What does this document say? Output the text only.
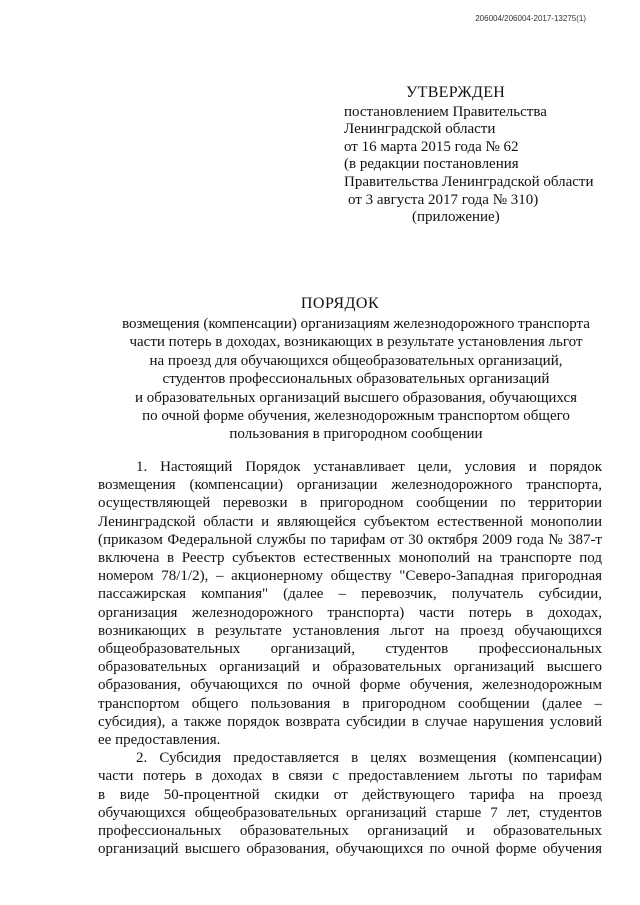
206004/206004-2017-13275(1)
УТВЕРЖДЕН
постановлением Правительства
Ленинградской области
от 16 марта 2015 года № 62
(в редакции постановления
Правительства Ленинградской области
от 3 августа 2017 года № 310)
(приложение)
ПОРЯДОК
возмещения (компенсации) организациям железнодорожного транспорта
части потерь в доходах, возникающих в результате установления льгот
на проезд для обучающихся общеобразовательных организаций,
студентов профессиональных образовательных организаций
и образовательных организаций высшего образования, обучающихся
по очной форме обучения, железнодорожным транспортом общего
пользования в пригородном сообщении
1. Настоящий Порядок устанавливает цели, условия и порядок
возмещения (компенсации) организации железнодорожного транспорта,
осуществляющей перевозки в пригородном сообщении по территории
Ленинградской области и являющейся субъектом естественной монополии
(приказом Федеральной службы по тарифам от 30 октября 2009 года № 387-т
включена в Реестр субъектов естественных монополий на транспорте под
номером 78/1/2), – акционерному обществу "Северо-Западная пригородная
пассажирская компания" (далее – перевозчик, получатель субсидии,
организация железнодорожного транспорта) части потерь в доходах,
возникающих в результате установления льгот на проезд обучающихся
общеобразовательных организаций, студентов профессиональных
образовательных организаций и образовательных организаций высшего
образования, обучающихся по очной форме обучения, железнодорожным
транспортом общего пользования в пригородном сообщении (далее –
субсидия), а также порядок возврата субсидии в случае нарушения условий
ее предоставления.
2. Субсидия предоставляется в целях возмещения (компенсации)
части потерь в доходах в связи с предоставлением льготы по тарифам
в виде 50-процентной скидки от действующего тарифа на проезд
обучающихся общеобразовательных организаций старше 7 лет, студентов
профессиональных образовательных организаций и образовательных
организаций высшего образования, обучающихся по очной форме обучения
